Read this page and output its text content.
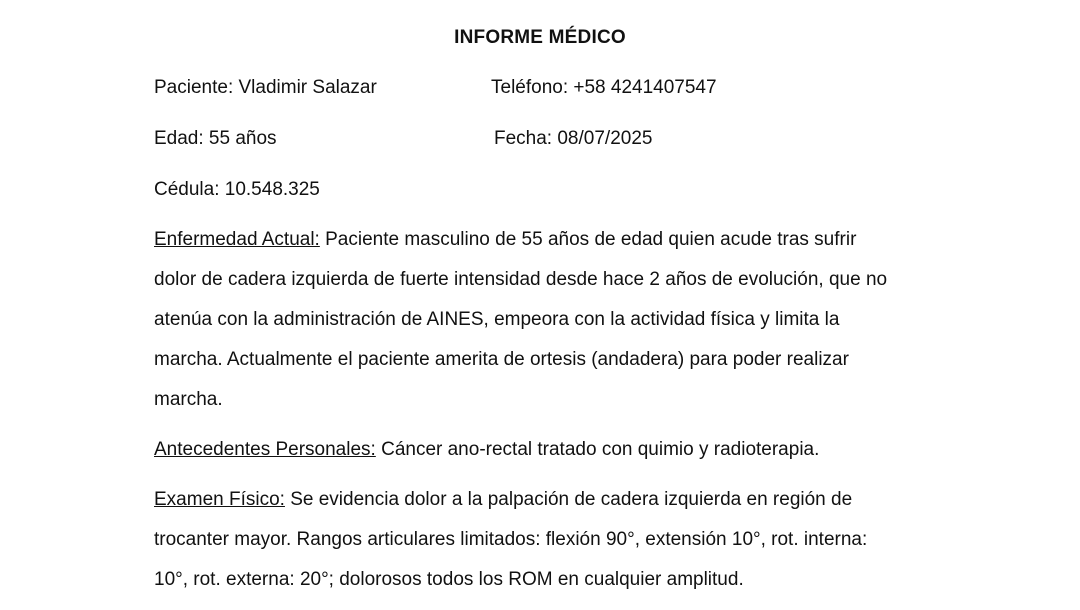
INFORME MÉDICO
Paciente: Vladimir Salazar	Teléfono: +58 4241407547
Edad: 55 años	Fecha: 08/07/2025
Cédula: 10.548.325
Enfermedad Actual: Paciente masculino de 55 años de edad quien acude tras sufrir
dolor de cadera izquierda de fuerte intensidad desde hace 2 años de evolución, que no
atenúa con la administración de AINES, empeora con la actividad física y limita la
marcha. Actualmente el paciente amerita de ortesis (andadera) para poder realizar
marcha.
Antecedentes Personales: Cáncer ano-rectal tratado con quimio y radioterapia.
Examen Físico: Se evidencia dolor a la palpación de cadera izquierda en región de
trocanter mayor. Rangos articulares limitados: flexión 90°, extensión 10°, rot. interna:
10°, rot. externa: 20°; dolorosos todos los ROM en cualquier amplitud.
